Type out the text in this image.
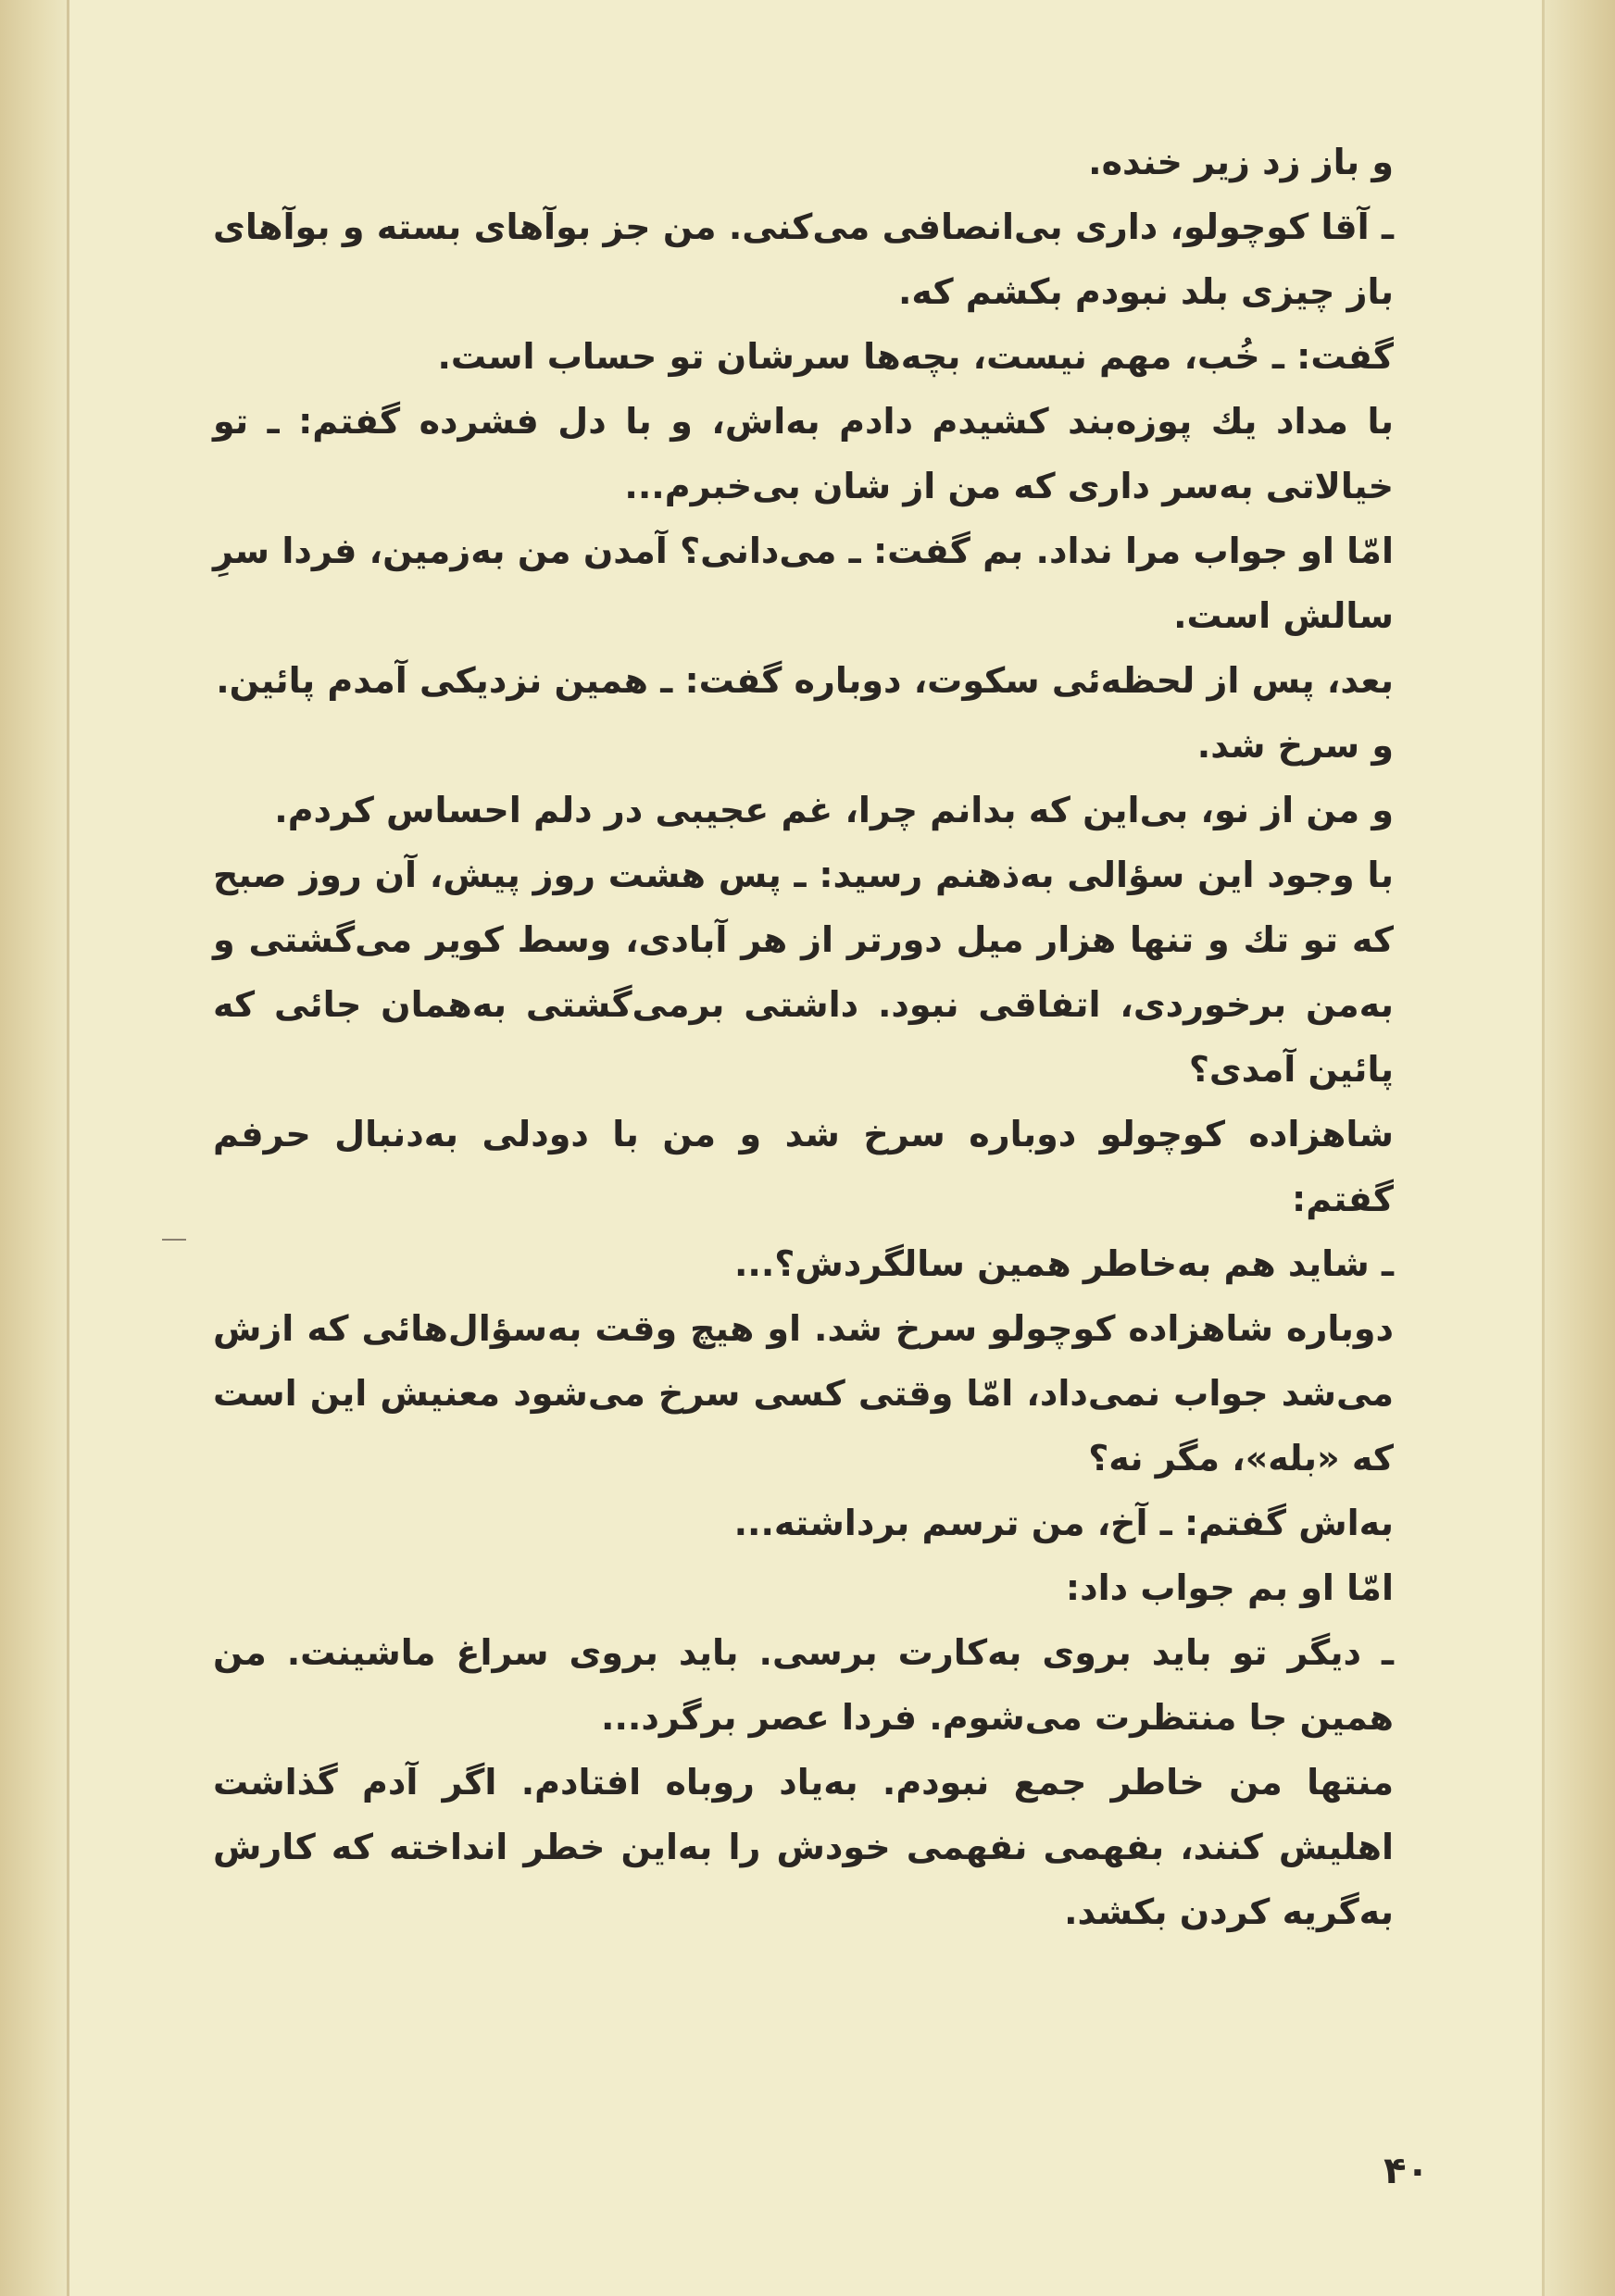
و باز زد زیر خنده.

ـ آقا کوچولو، داری بی‌انصافی می‌کنی. من جز بوآهای بسته و بوآهای باز چیزی بلد نبودم بکشم که.

گفت: ـ خُب، مهم نیست، بچه‌ها سرشان تو حساب است.

با مداد یك پوزه‌بند کشیدم دادم به‌اش، و با دل فشرده گفتم: ـ تو خیالاتی به‌سر داری که من از شان بی‌خبرم...

امّا او جواب مرا نداد. بم گفت: ـ می‌دانی؟ آمدن من به‌زمین، فردا سرِ سالش است.

بعد، پس از لحظه‌ئی سکوت، دوباره گفت: ـ همین نزدیکی آمدم پائین.

و سرخ شد.

و من از نو، بی‌این که بدانم چرا، غم عجیبی در دلم احساس کردم.

با وجود این سؤالی به‌ذهنم رسید: ـ پس هشت روز پیش، آن روز صبح که تو تك و تنها هزار میل دورتر از هر آبادی، وسط کویر می‌گشتی و به‌من برخوردی، اتفاقی نبود. داشتی برمی‌گشتی به‌همان جائی که پائین آمدی؟

شاهزاده کوچولو دوباره سرخ شد و من با دودلی به‌دنبال حرفم گفتم:

ـ شاید هم به‌خاطر همین سالگردش؟...

دوباره شاهزاده کوچولو سرخ شد. او هیچ وقت به‌سؤال‌هائی که ازش می‌شد جواب نمی‌داد، امّا وقتی کسی سرخ می‌شود معنیش این است که «بله»، مگر نه؟

به‌اش گفتم: ـ آخ، من ترسم برداشته...

امّا او بم جواب داد:

ـ دیگر تو باید بروی به‌کارت برسی. باید بروی سراغ ماشینت. من همین جا منتظرت می‌شوم. فردا عصر برگرد...

منتها من خاطر جمع نبودم. به‌یاد روباه افتادم. اگر آدم گذاشت اهلیش کنند، بفهمی نفهمی خودش را به‌این خطر انداخته که کارش به‌گریه کردن بکشد.

۴۰
